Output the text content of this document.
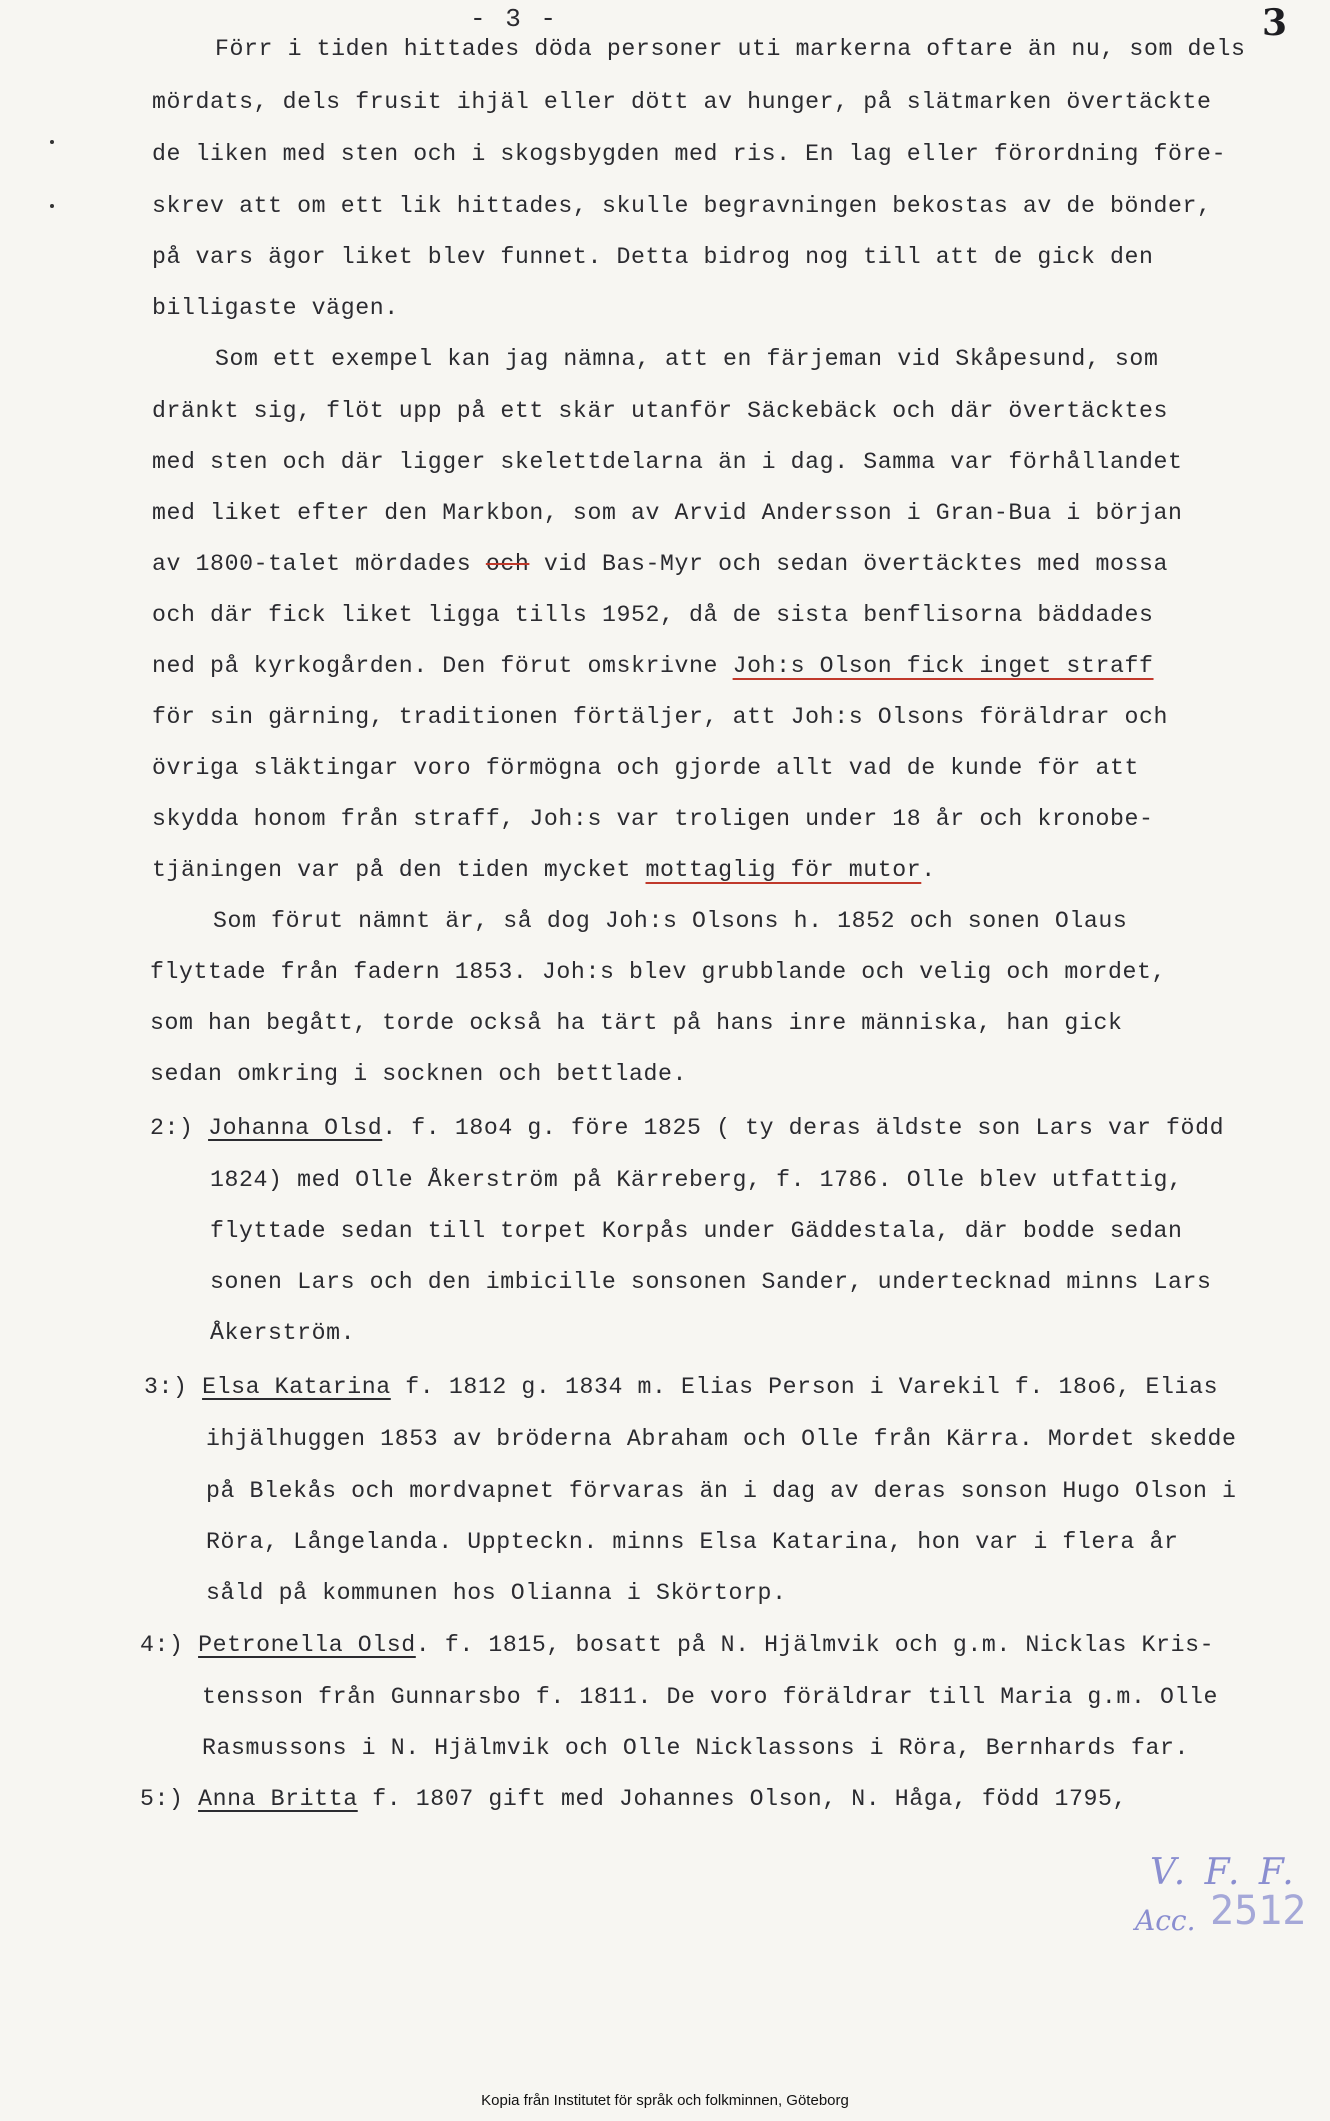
- 3 -	3
Förr i tiden hittades döda personer uti markerna oftare än nu, som dels
mördats, dels frusit ihjäl eller dött av hunger, på slätmarken övertäckte
de liken med sten och i skogsbygden med ris. En lag eller förordning före-
skrev att om ett lik hittades, skulle begravningen bekostas av de bönder,
på vars ägor liket blev funnet. Detta bidrog nog till att de gick den
billigaste vägen.
Som ett exempel kan jag nämna, att en färjeman vid Skåpesund, som
dränkt sig, flöt upp på ett skär utanför Säckebäck och där övertäcktes
med sten och där ligger skelettdelarna än i dag. Samma var förhållandet
med liket efter den Markbon, som av Arvid Andersson i Gran-Bua i början
av 1800-talet mördades och vid Bas-Myr och sedan övertäcktes med mossa
och där fick liket ligga tills 1952, då de sista benflisorna bäddades
ned på kyrkogården. Den förut omskrivne Joh:s Olson fick inget straff
för sin gärning, traditionen förtäljer, att Joh:s Olsons föräldrar och
övriga släktingar voro förmögna och gjorde allt vad de kunde för att
skydda honom från straff, Joh:s var troligen under 18 år och kronobe-
tjäningen var på den tiden mycket mottaglig för mutor.
Som förut nämnt är, så dog Joh:s Olsons h. 1852 och sonen Olaus
flyttade från fadern 1853. Joh:s blev grubblande och velig och mordet,
som han begått, torde också ha tärt på hans inre människa, han gick
sedan omkring i socknen och bettlade.
2:) Johanna Olsd. f. 18o4 g. före 1825 ( ty deras äldste son Lars var född
1824) med Olle Åkerström på Kärreberg, f. 1786. Olle blev utfattig,
flyttade sedan till torpet Korpås under Gäddestala, där bodde sedan
sonen Lars och den imbicille sonsonen Sander, undertecknad minns Lars
Åkerström.
3:) Elsa Katarina f. 1812 g. 1834 m. Elias Person i Varekil f. 18o6, Elias
ihjälhuggen 1853 av bröderna Abraham och Olle från Kärra. Mordet skedde
på Blekås och mordvapnet förvaras än i dag av deras sonson Hugo Olson i
Röra, Långelanda. Uppteckn. minns Elsa Katarina, hon var i flera år
såld på kommunen hos Olianna i Skörtorp.
4:) Petronella Olsd. f. 1815, bosatt på N. Hjälmvik och g.m. Nicklas Kris-
tensson från Gunnarsbo f. 1811. De voro föräldrar till Maria g.m. Olle
Rasmussons i N. Hjälmvik och Olle Nicklassons i Röra, Bernhards far.
5:) Anna Britta f. 1807 gift med Johannes Olson, N. Håga, född 1795,
V. F. F.
Acc. 2512
Kopia från Institutet för språk och folkminnen, Göteborg
